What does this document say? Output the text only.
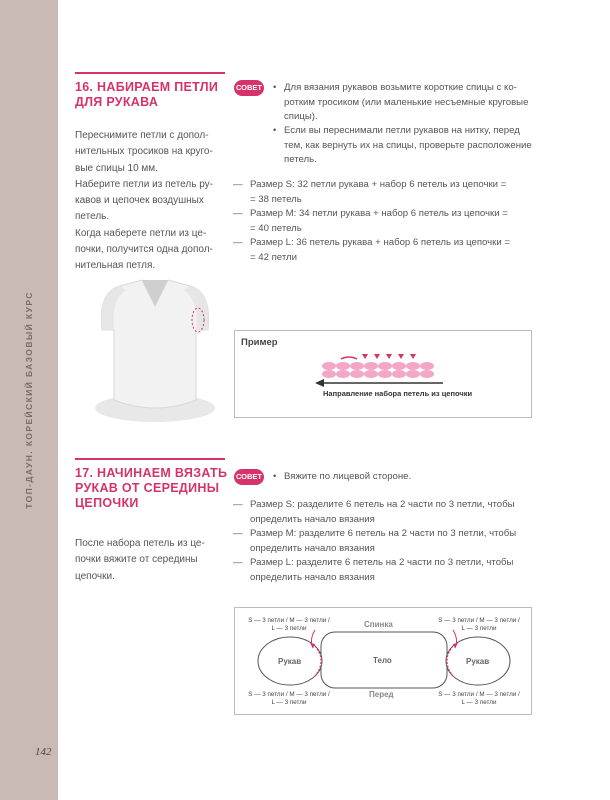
ТОП-ДАУН. КОРЕЙСКИЙ БАЗОВЫЙ КУРС
142
16. НАБИРАЕМ ПЕТЛИ
ДЛЯ РУКАВА
Переснимите петли с допол-
нительных тросиков на круго-
вые спицы 10 мм.
Наберите петли из петель ру-
кавов и цепочек воздушных
петель.
Когда наберете петли из це-
почки, получится одна допол-
нительная петля.
СОВЕТ • Для вязания рукавов возьмите короткие спицы с ко-
ротким тросиком (или маленькие несъемные круговые
спицы).
• Если вы переснимали петли рукавов на нитку, перед
тем, как вернуть их на спицы, проверьте расположение
петель.
— Размер S: 32 петли рукава + набор 6 петель из цепочки =
= 38 петель
— Размер M: 34 петли рукава + набор 6 петель из цепочки =
= 40 петель
— Размер L: 36 петель рукава + набор 6 петель из цепочки =
= 42 петли
Пример
Направление набора петель из цепочки
17. НАЧИНАЕМ ВЯЗАТЬ
РУКАВ ОТ СЕРЕДИНЫ
ЦЕПОЧКИ
После набора петель из це-
почки вяжите от середины
цепочки.
СОВЕТ • Вяжите по лицевой стороне.
— Размер S: разделите 6 петель на 2 части по 3 петли, чтобы
определить начало вязания
— Размер M: разделите 6 петель на 2 части по 3 петли, чтобы
определить начало вязания
— Размер L: разделите 6 петель на 2 части по 3 петли, чтобы
определить начало вязания
S — 3 петли / M — 3 петли /
L — 3 петли
S — 3 петли / M — 3 петли /
L — 3 петли
S — 3 петли / M — 3 петли /
L — 3 петли
S — 3 петли / M — 3 петли /
L — 3 петли
Спинка
Перед
Тело
Рукав	Рукав
